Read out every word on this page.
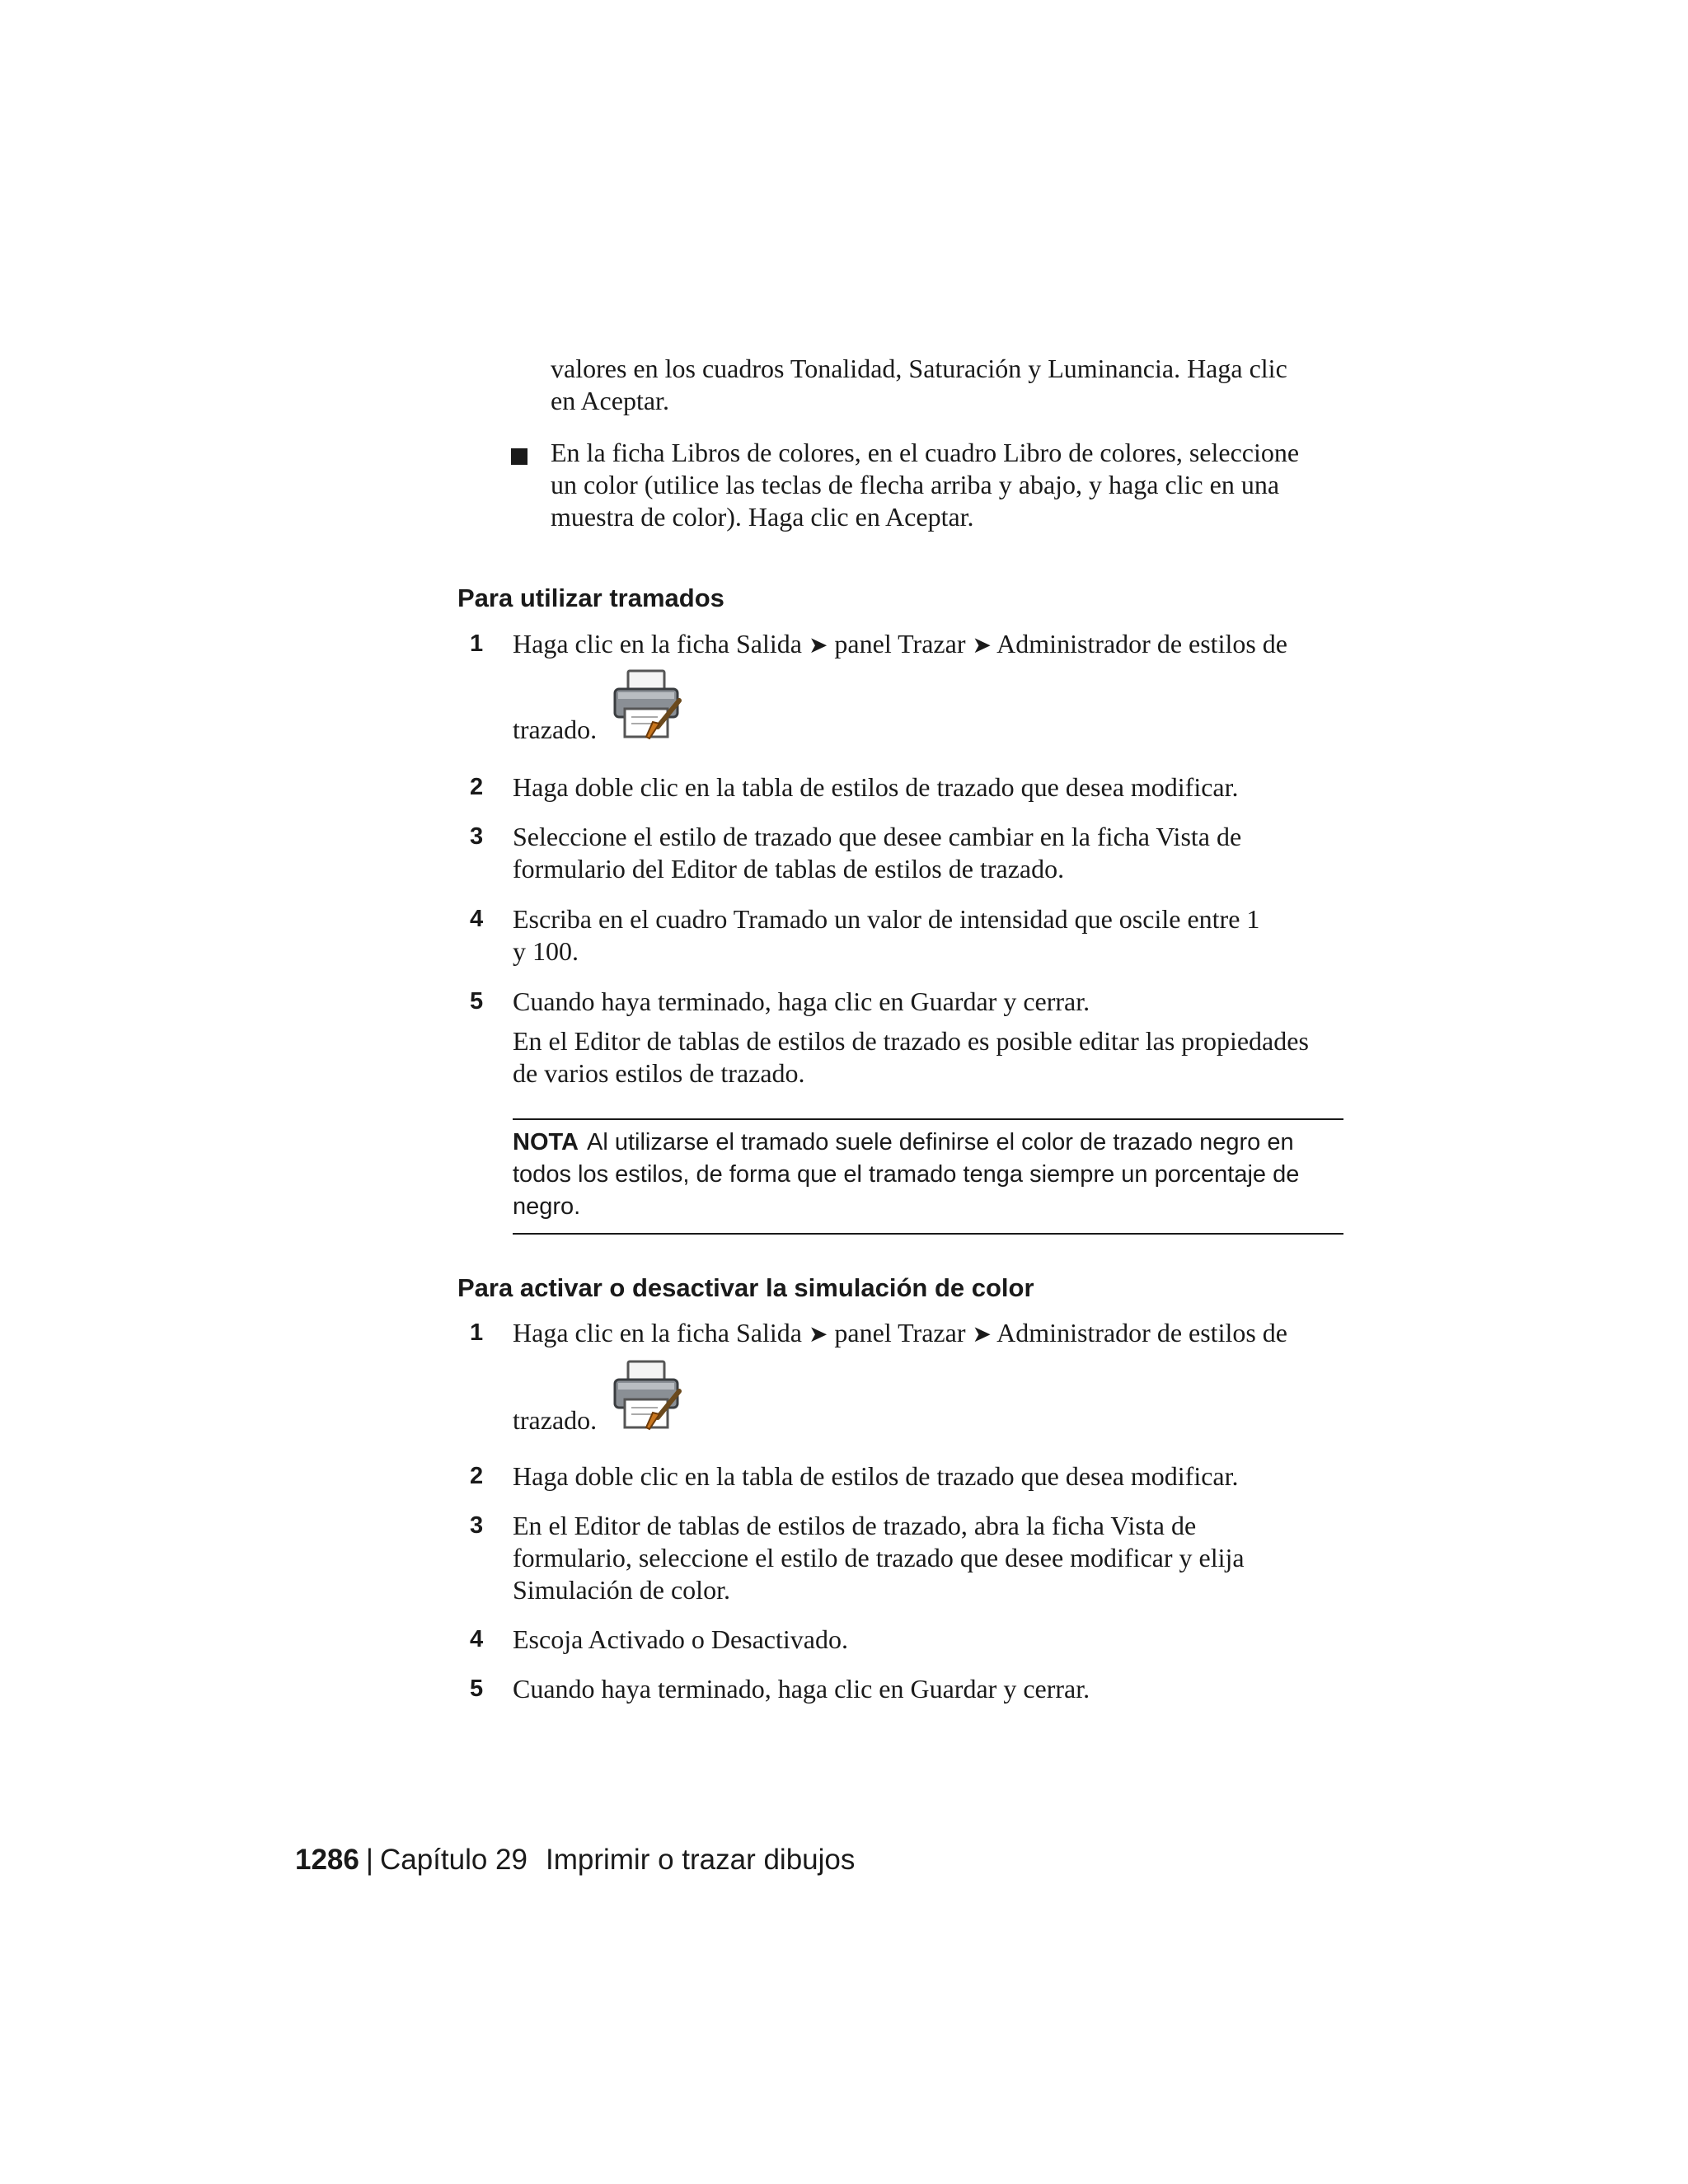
valores en los cuadros Tonalidad, Saturación y Luminancia. Haga clic
en Aceptar.
En la ficha Libros de colores, en el cuadro Libro de colores, seleccione
un color (utilice las teclas de flecha arriba y abajo, y haga clic en una
muestra de color). Haga clic en Aceptar.
Para utilizar tramados
1	Haga clic en la ficha Salida ➤ panel Trazar ➤ Administrador de estilos de
trazado.
2	Haga doble clic en la tabla de estilos de trazado que desea modificar.
3	Seleccione el estilo de trazado que desee cambiar en la ficha Vista de
formulario del Editor de tablas de estilos de trazado.
4	Escriba en el cuadro Tramado un valor de intensidad que oscile entre 1
y 100.
5	Cuando haya terminado, haga clic en Guardar y cerrar.
En el Editor de tablas de estilos de trazado es posible editar las propiedades
de varios estilos de trazado.
NOTA Al utilizarse el tramado suele definirse el color de trazado negro en
todos los estilos, de forma que el tramado tenga siempre un porcentaje de
negro.
Para activar o desactivar la simulación de color
1	Haga clic en la ficha Salida ➤ panel Trazar ➤ Administrador de estilos de
trazado.
2	Haga doble clic en la tabla de estilos de trazado que desea modificar.
3	En el Editor de tablas de estilos de trazado, abra la ficha Vista de
formulario, seleccione el estilo de trazado que desee modificar y elija
Simulación de color.
4	Escoja Activado o Desactivado.
5	Cuando haya terminado, haga clic en Guardar y cerrar.
1286 | Capítulo 29 Imprimir o trazar dibujos
